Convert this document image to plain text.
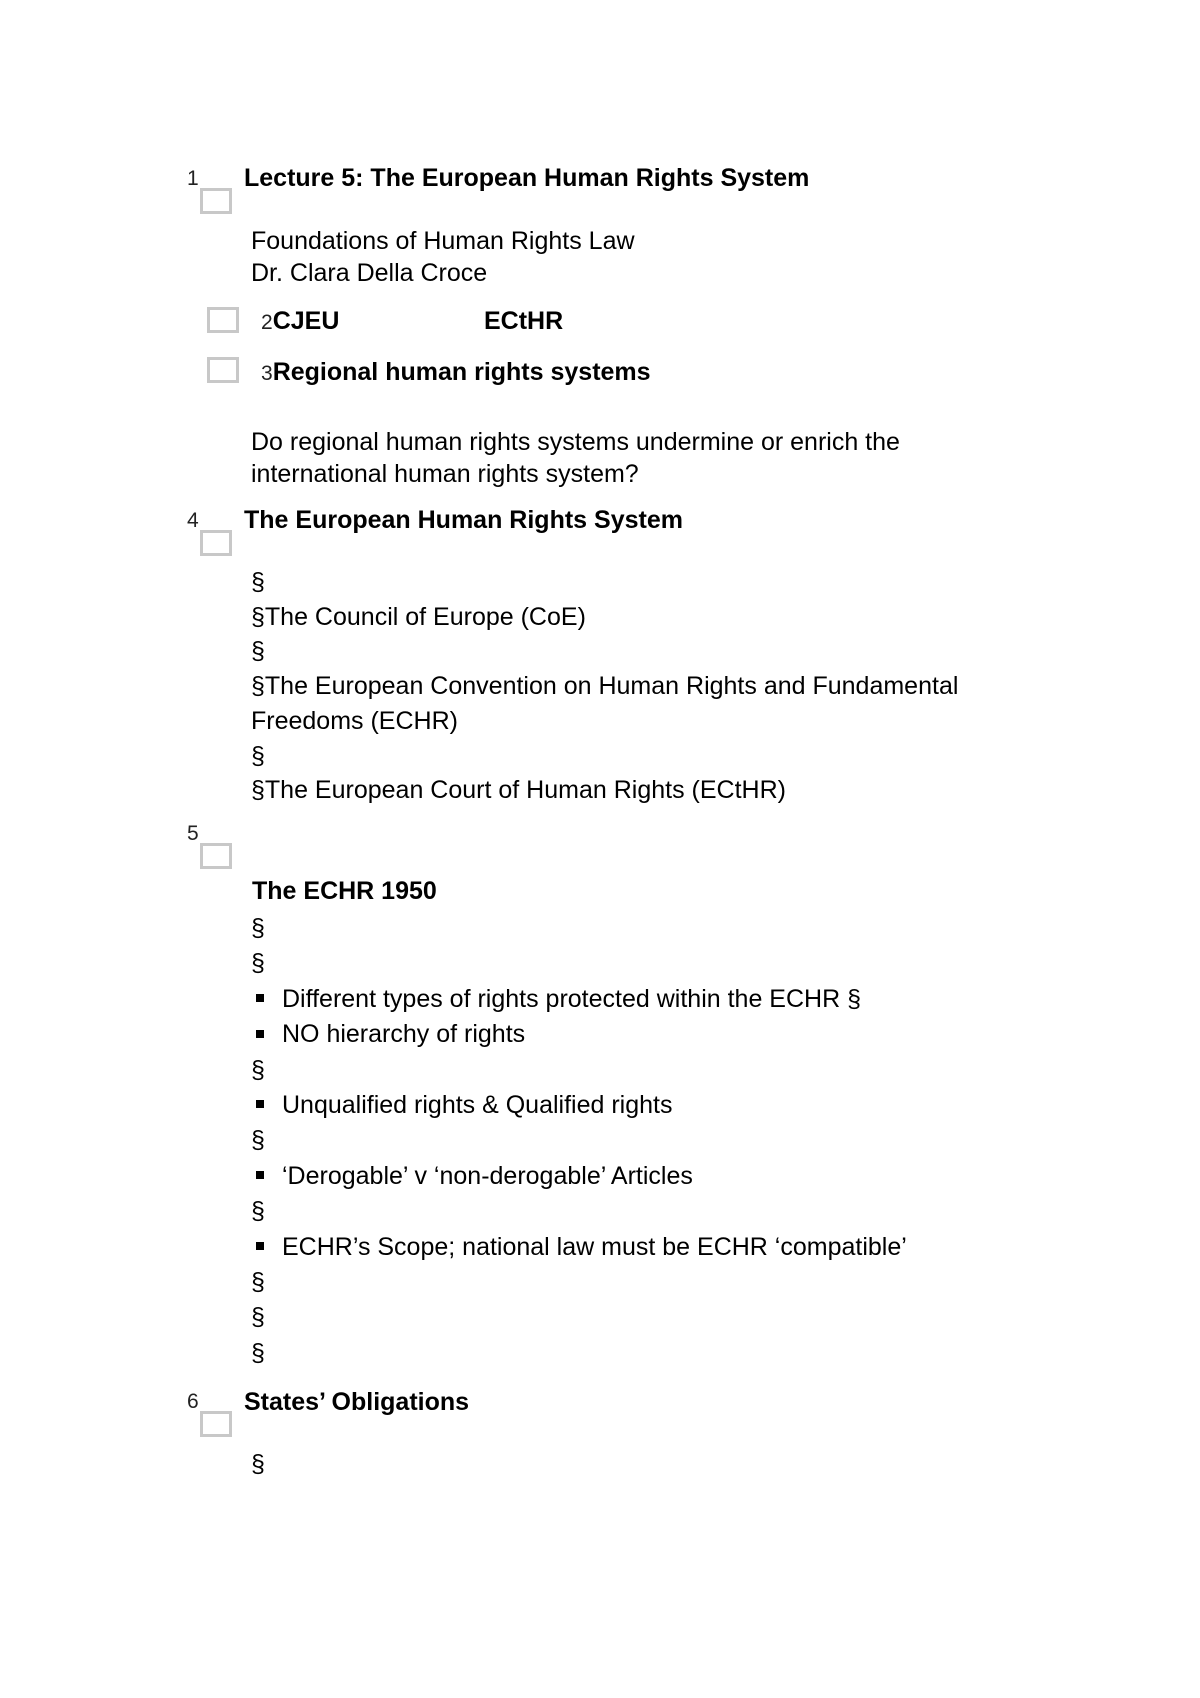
1 Lecture 5: The European Human Rights System
Foundations of Human Rights Law
Dr. Clara Della Croce
2CJEU	ECtHR
3Regional human rights systems
Do regional human rights systems undermine or enrich the
international human rights system?
4 The European Human Rights System
§
§The Council of Europe (CoE)
§
§The European Convention on Human Rights and Fundamental
Freedoms (ECHR)
§
§The European Court of Human Rights (ECtHR)
5
The ECHR 1950
§
§
Different types of rights protected within the ECHR §
NO hierarchy of rights
§
Unqualified rights & Qualified rights
§
‘Derogable’ v ‘non-derogable’ Articles
§
ECHR’s Scope; national law must be ECHR ‘compatible’
§
§
§
6 States’ Obligations
§
